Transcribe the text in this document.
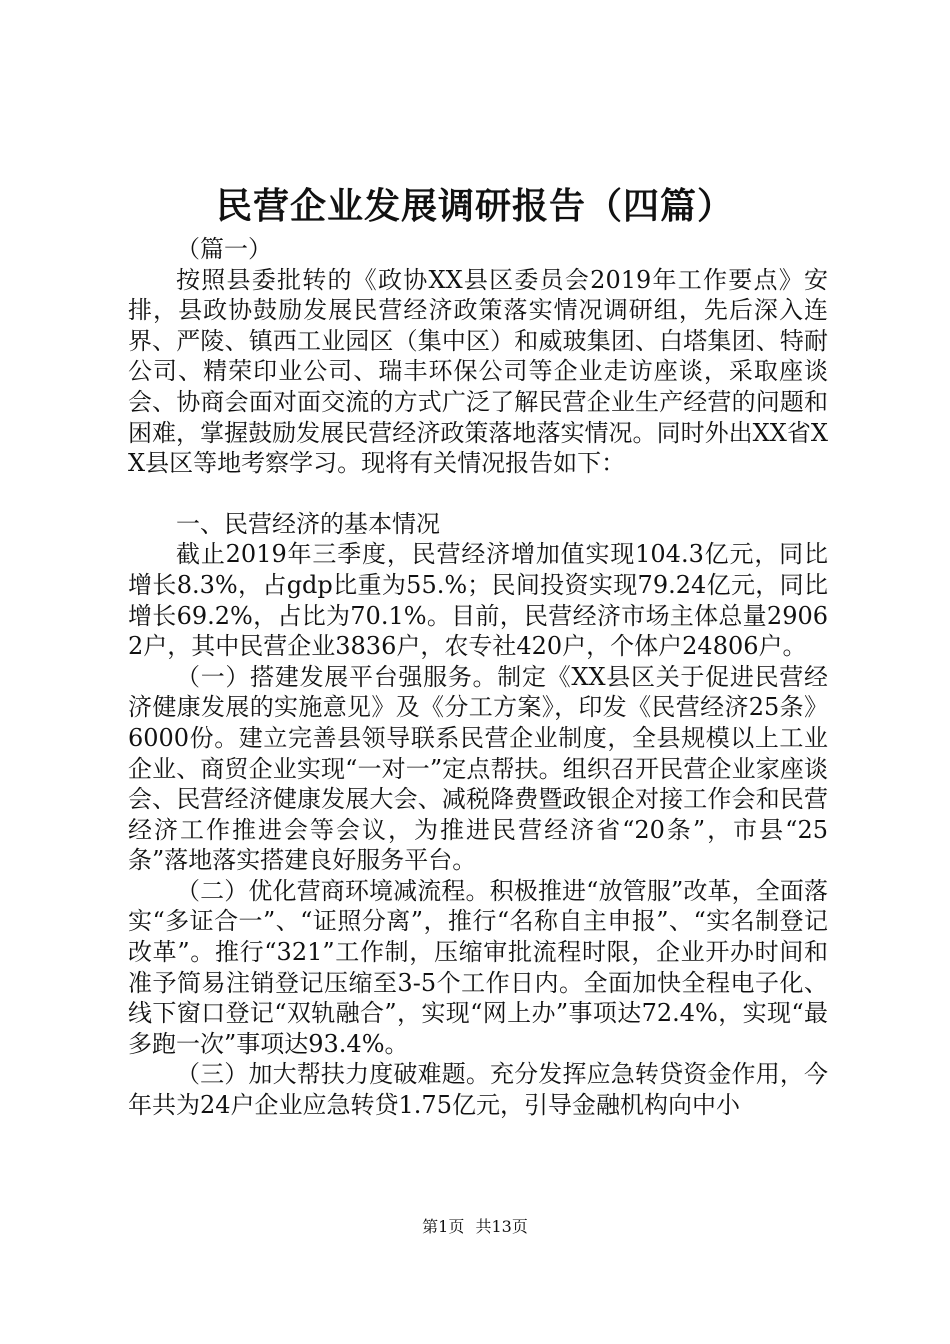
民营企业发展调研报告（四篇）

（篇一）

按照县委批转的《政协XX县区委员会2019年工作要点》安排，县政协鼓励发展民营经济政策落实情况调研组，先后深入连界、严陵、镇西工业园区（集中区）和威玻集团、白塔集团、特耐公司、精荣印业公司、瑞丰环保公司等企业走访座谈，采取座谈会、协商会面对面交流的方式广泛了解民营企业生产经营的问题和困难，掌握鼓励发展民营经济政策落地落实情况。同时外出XX省XX县区等地考察学习。现将有关情况报告如下：

一、民营经济的基本情况

截止2019年三季度，民营经济增加值实现104.3亿元，同比增长8.3%，占gdp比重为55.%；民间投资实现79.24亿元，同比增长69.2%，占比为70.1%。目前，民营经济市场主体总量29062户，其中民营企业3836户，农专社420户，个体户24806户。

（一）搭建发展平台强服务。制定《XX县区关于促进民营经济健康发展的实施意见》及《分工方案》，印发《民营经济25条》6000份。建立完善县领导联系民营企业制度，全县规模以上工业企业、商贸企业实现“一对一”定点帮扶。组织召开民营企业家座谈会、民营经济健康发展大会、减税降费暨政银企对接工作会和民营经济工作推进会等会议，为推进民营经济省“20条”，市县“25条”落地落实搭建良好服务平台。

（二）优化营商环境减流程。积极推进“放管服”改革，全面落实“多证合一”、“证照分离”，推行“名称自主申报”、“实名制登记改革”。推行“321”工作制，压缩审批流程时限，企业开办时间和准予简易注销登记压缩至3-5个工作日内。全面加快全程电子化、线下窗口登记“双轨融合”，实现“网上办”事项达72.4%，实现“最多跑一次”事项达93.4%。

（三）加大帮扶力度破难题。充分发挥应急转贷资金作用，今年共为24户企业应急转贷1.75亿元，引导金融机构向中小

第1页 共13页
